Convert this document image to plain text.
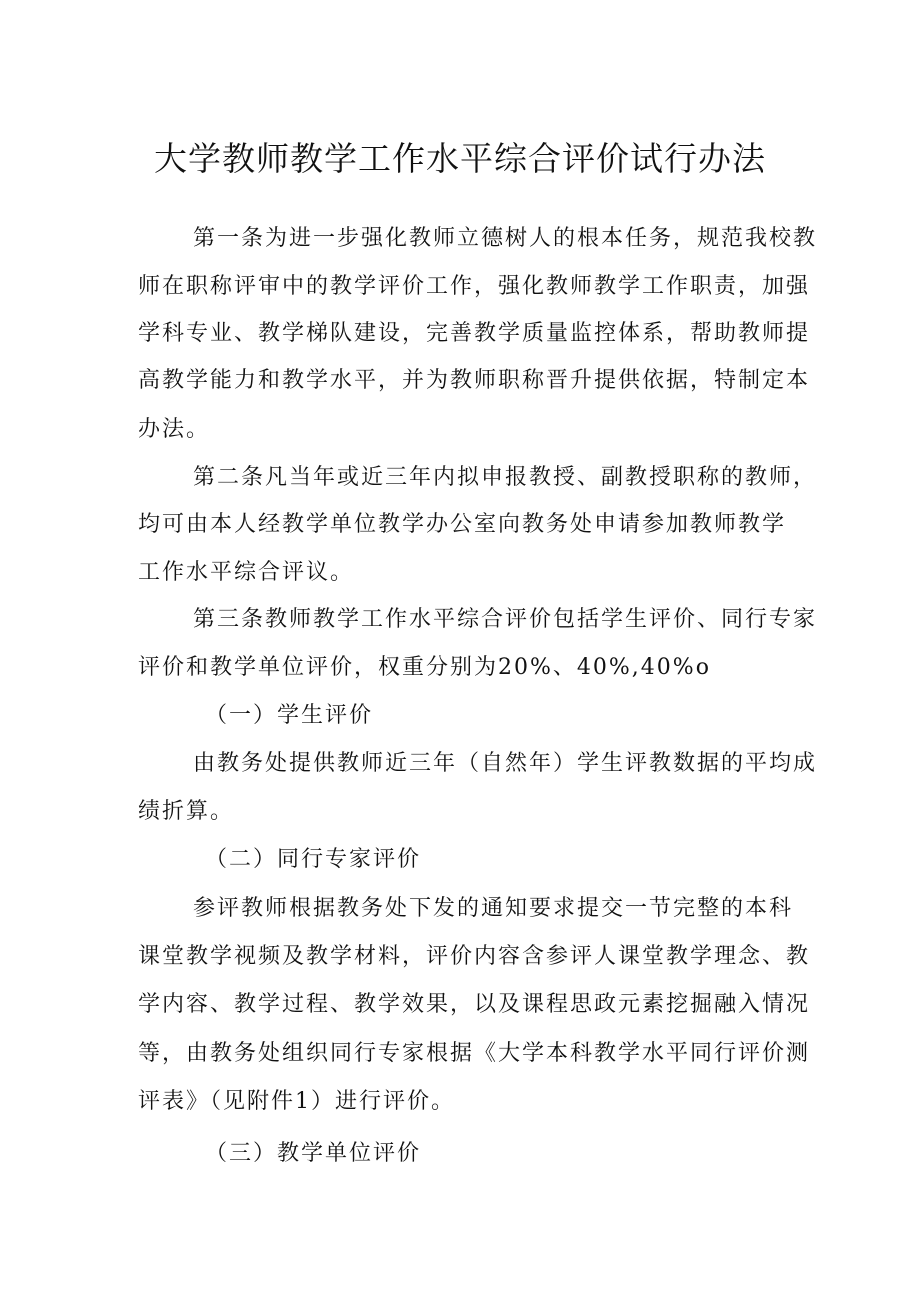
大学教师教学工作水平综合评价试行办法
第一条为进一步强化教师立德树人的根本任务，规范我校教
师在职称评审中的教学评价工作，强化教师教学工作职责，加强
学科专业、教学梯队建设，完善教学质量监控体系，帮助教师提
高教学能力和教学水平，并为教师职称晋升提供依据，特制定本
办法。
第二条凡当年或近三年内拟申报教授、副教授职称的教师，
均可由本人经教学单位教学办公室向教务处申请参加教师教学
工作水平综合评议。
第三条教师教学工作水平综合评价包括学生评价、同行专家
评价和教学单位评价，权重分别为20%、40%,40%o
（一）学生评价
由教务处提供教师近三年（自然年）学生评教数据的平均成
绩折算。
（二）同行专家评价
参评教师根据教务处下发的通知要求提交一节完整的本科
课堂教学视频及教学材料，评价内容含参评人课堂教学理念、教
学内容、教学过程、教学效果，以及课程思政元素挖掘融入情况
等，由教务处组织同行专家根据《大学本科教学水平同行评价测
评表》（见附件1）进行评价。
（三）教学单位评价
